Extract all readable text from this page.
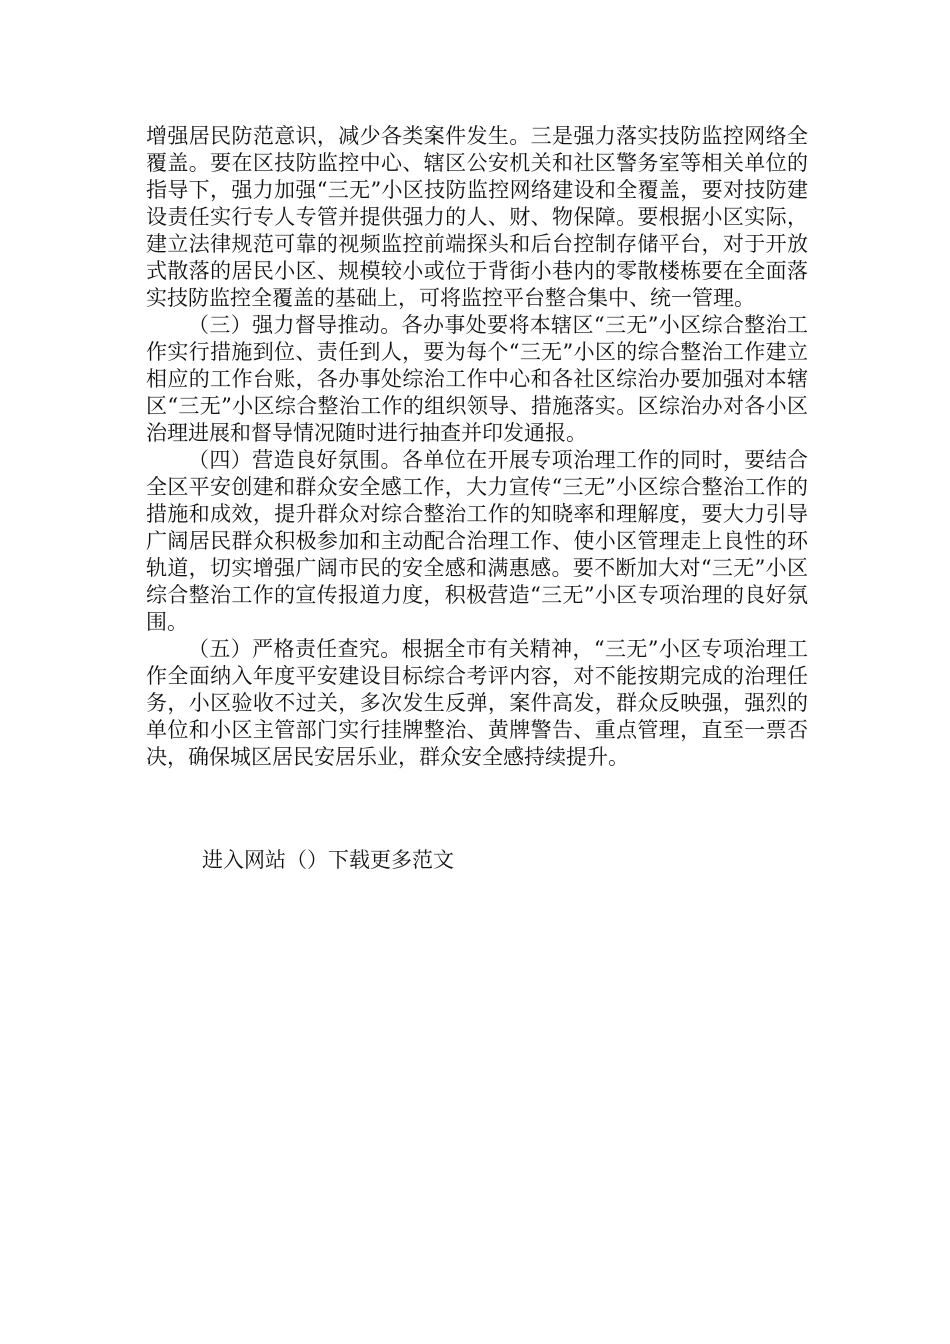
增强居民防范意识，减少各类案件发生。三是强力落实技防监控网络全覆盖。要在区技防监控中心、辖区公安机关和社区警务室等相关单位的指导下，强力加强“三无”小区技防监控网络建设和全覆盖，要对技防建设责任实行专人专管并提供强力的人、财、物保障。要根据小区实际，建立法律规范可靠的视频监控前端探头和后台控制存储平台，对于开放式散落的居民小区、规模较小或位于背街小巷内的零散楼栋要在全面落实技防监控全覆盖的基础上，可将监控平台整合集中、统一管理。

（三）强力督导推动。各办事处要将本辖区“三无”小区综合整治工作实行措施到位、责任到人，要为每个“三无”小区的综合整治工作建立相应的工作台账，各办事处综治工作中心和各社区综治办要加强对本辖区“三无”小区综合整治工作的组织领导、措施落实。区综治办对各小区治理进展和督导情况随时进行抽查并印发通报。

（四）营造良好氛围。各单位在开展专项治理工作的同时，要结合全区平安创建和群众安全感工作，大力宣传“三无”小区综合整治工作的措施和成效，提升群众对综合整治工作的知晓率和理解度，要大力引导广阔居民群众积极参加和主动配合治理工作、使小区管理走上良性的环轨道，切实增强广阔市民的安全感和满惠感。要不断加大对“三无”小区综合整治工作的宣传报道力度，积极营造“三无”小区专项治理的良好氛围。

（五）严格责任查究。根据全市有关精神，“三无”小区专项治理工作全面纳入年度平安建设目标综合考评内容，对不能按期完成的治理任务，小区验收不过关，多次发生反弹，案件高发，群众反映强，强烈的单位和小区主管部门实行挂牌整治、黄牌警告、重点管理，直至一票否决，确保城区居民安居乐业，群众安全感持续提升。

进入网站（）下载更多范文
